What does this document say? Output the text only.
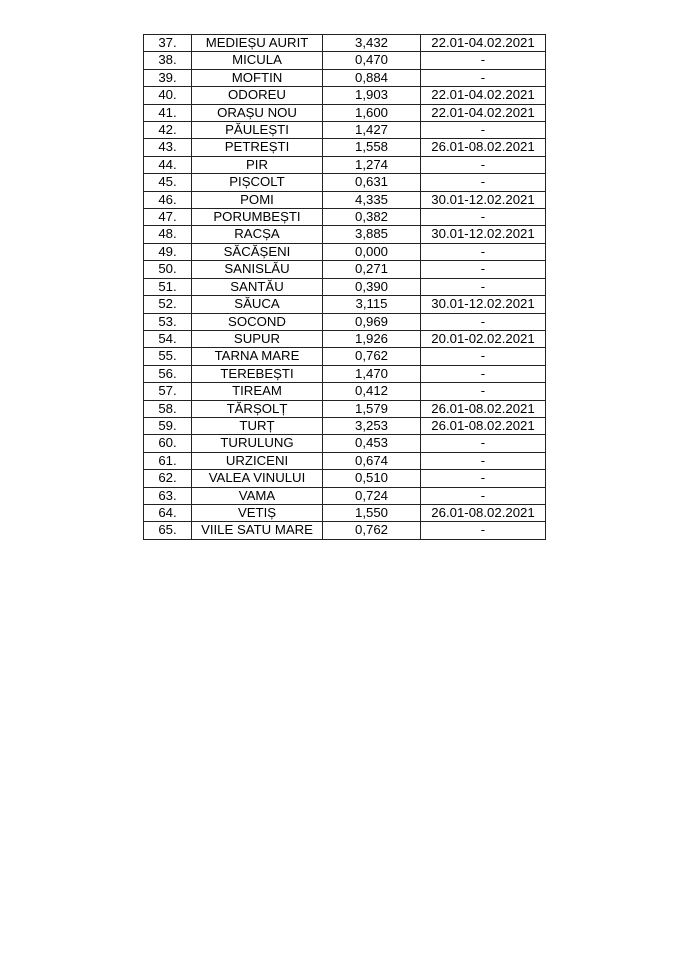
37.	MEDIEȘU AURIT	3,432	22.01-04.02.2021
38.	MICULA	0,470	-
39.	MOFTIN	0,884	-
40.	ODOREU	1,903	22.01-04.02.2021
41.	ORAȘU NOU	1,600	22.01-04.02.2021
42.	PĂULEȘTI	1,427	-
43.	PETREȘTI	1,558	26.01-08.02.2021
44.	PIR	1,274	-
45.	PIȘCOLT	0,631	-
46.	POMI	4,335	30.01-12.02.2021
47.	PORUMBEȘTI	0,382	-
48.	RACȘA	3,885	30.01-12.02.2021
49.	SĂCĂȘENI	0,000	-
50.	SANISLĂU	0,271	-
51.	SANTĂU	0,390	-
52.	SĂUCA	3,115	30.01-12.02.2021
53.	SOCOND	0,969	-
54.	SUPUR	1,926	20.01-02.02.2021
55.	TARNA MARE	0,762	-
56.	TEREBEȘTI	1,470	-
57.	TIREAM	0,412	-
58.	TĂRȘOLȚ	1,579	26.01-08.02.2021
59.	TURȚ	3,253	26.01-08.02.2021
60.	TURULUNG	0,453	-
61.	URZICENI	0,674	-
62.	VALEA VINULUI	0,510	-
63.	VAMA	0,724	-
64.	VETIȘ	1,550	26.01-08.02.2021
65.	VIILE SATU MARE	0,762	-
